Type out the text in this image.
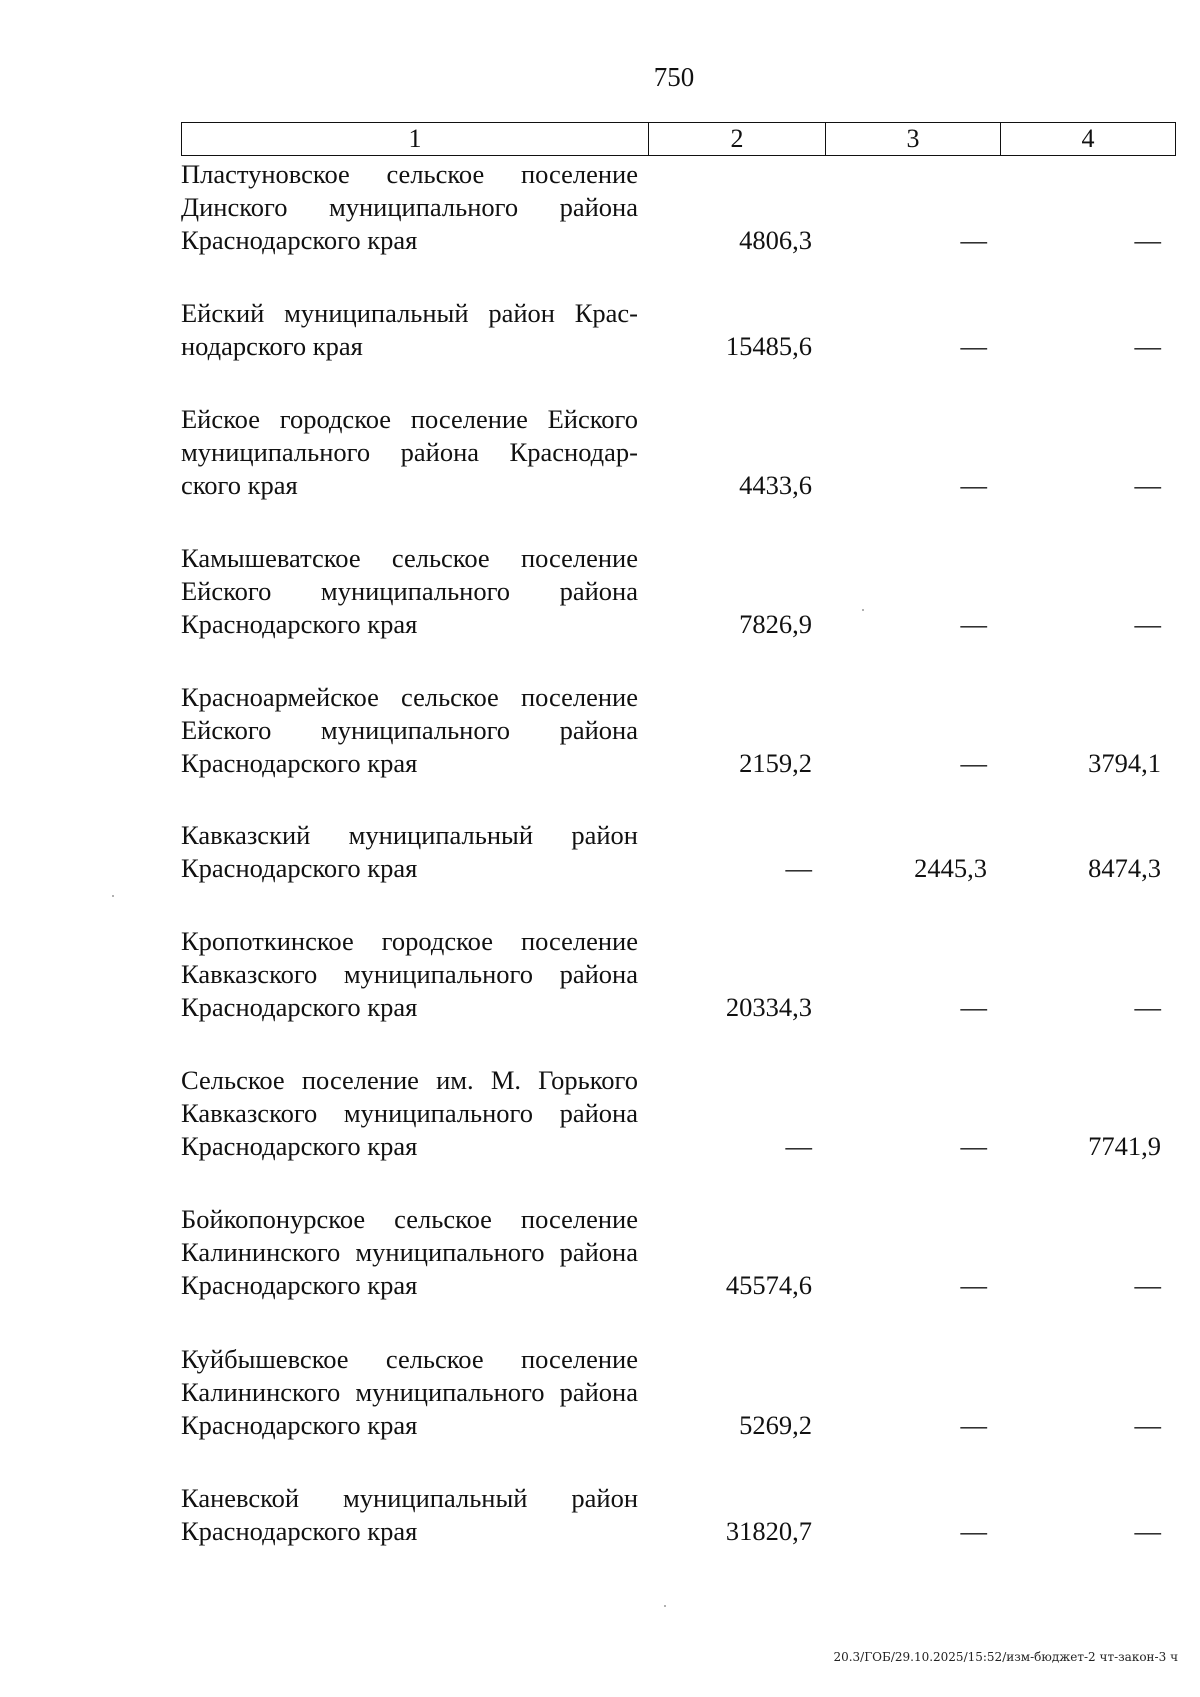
750
1	2	3	4
Пластуновское сельское поселение Динского муниципального района Краснодарского края	4806,3	—	—
Ейский муниципальный район Краснодарского края	15485,6	—	—
Ейское городское поселение Ейского муниципального района Краснодарского края	4433,6	—	—
Камышеватское сельское поселение Ейского муниципального района Краснодарского края	7826,9	—	—
Красноармейское сельское поселение Ейского муниципального района Краснодарского края	2159,2	—	3794,1
Кавказский муниципальный район Краснодарского края	—	2445,3	8474,3
Кропоткинское городское поселение Кавказского муниципального района Краснодарского края	20334,3	—	—
Сельское поселение им. М. Горького Кавказского муниципального района Краснодарского края	—	—	7741,9
Бойкопонурское сельское поселение Калининского муниципального района Краснодарского края	45574,6	—	—
Куйбышевское сельское поселение Калининского муниципального района Краснодарского края	5269,2	—	—
Каневской муниципальный район Краснодарского края	31820,7	—	—
20.3/ГОБ/29.10.2025/15:52/изм-бюджет-2 чт-закон-3 ч
